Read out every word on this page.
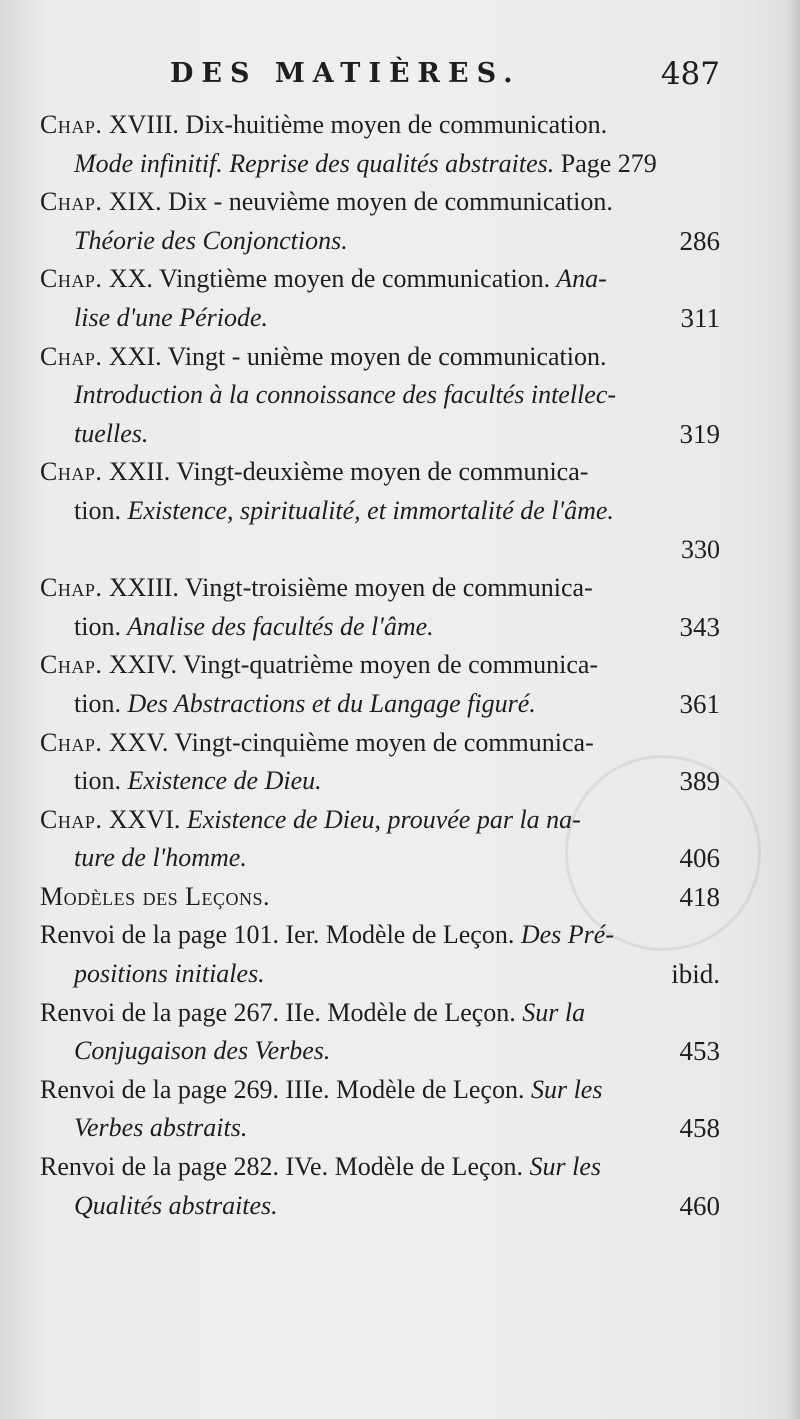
DES MATIÈRES.	487
Chap. XVIII. Dix-huitième moyen de communication.
Mode infinitif. Reprise des qualités abstraites. Page 279
Chap. XIX. Dix - neuvième moyen de communication.
Théorie des Conjonctions.	286
Chap. XX. Vingtième moyen de communication. Ana-
lise d'une Période.	311
Chap. XXI. Vingt - unième moyen de communication.
Introduction à la connoissance des facultés intellec-
tuelles.	319
Chap. XXII. Vingt-deuxième moyen de communica-
tion. Existence, spiritualité, et immortalité de l'âme.
330
Chap. XXIII. Vingt-troisième moyen de communica-
tion. Analise des facultés de l'âme.	343
Chap. XXIV. Vingt-quatrième moyen de communica-
tion. Des Abstractions et du Langage figuré.	361
Chap. XXV. Vingt-cinquième moyen de communica-
tion. Existence de Dieu.	389
Chap. XXVI. Existence de Dieu, prouvée par la na-
ture de l'homme.	406
Modèles des Leçons.	418
Renvoi de la page 101. Ier. Modèle de Leçon. Des Pré-
positions initiales.	ibid.
Renvoi de la page 267. IIe. Modèle de Leçon. Sur la
Conjugaison des Verbes.	453
Renvoi de la page 269. IIIe. Modèle de Leçon. Sur les
Verbes abstraits.	458
Renvoi de la page 282. IVe. Modèle de Leçon. Sur les
Qualités abstraites.	460
